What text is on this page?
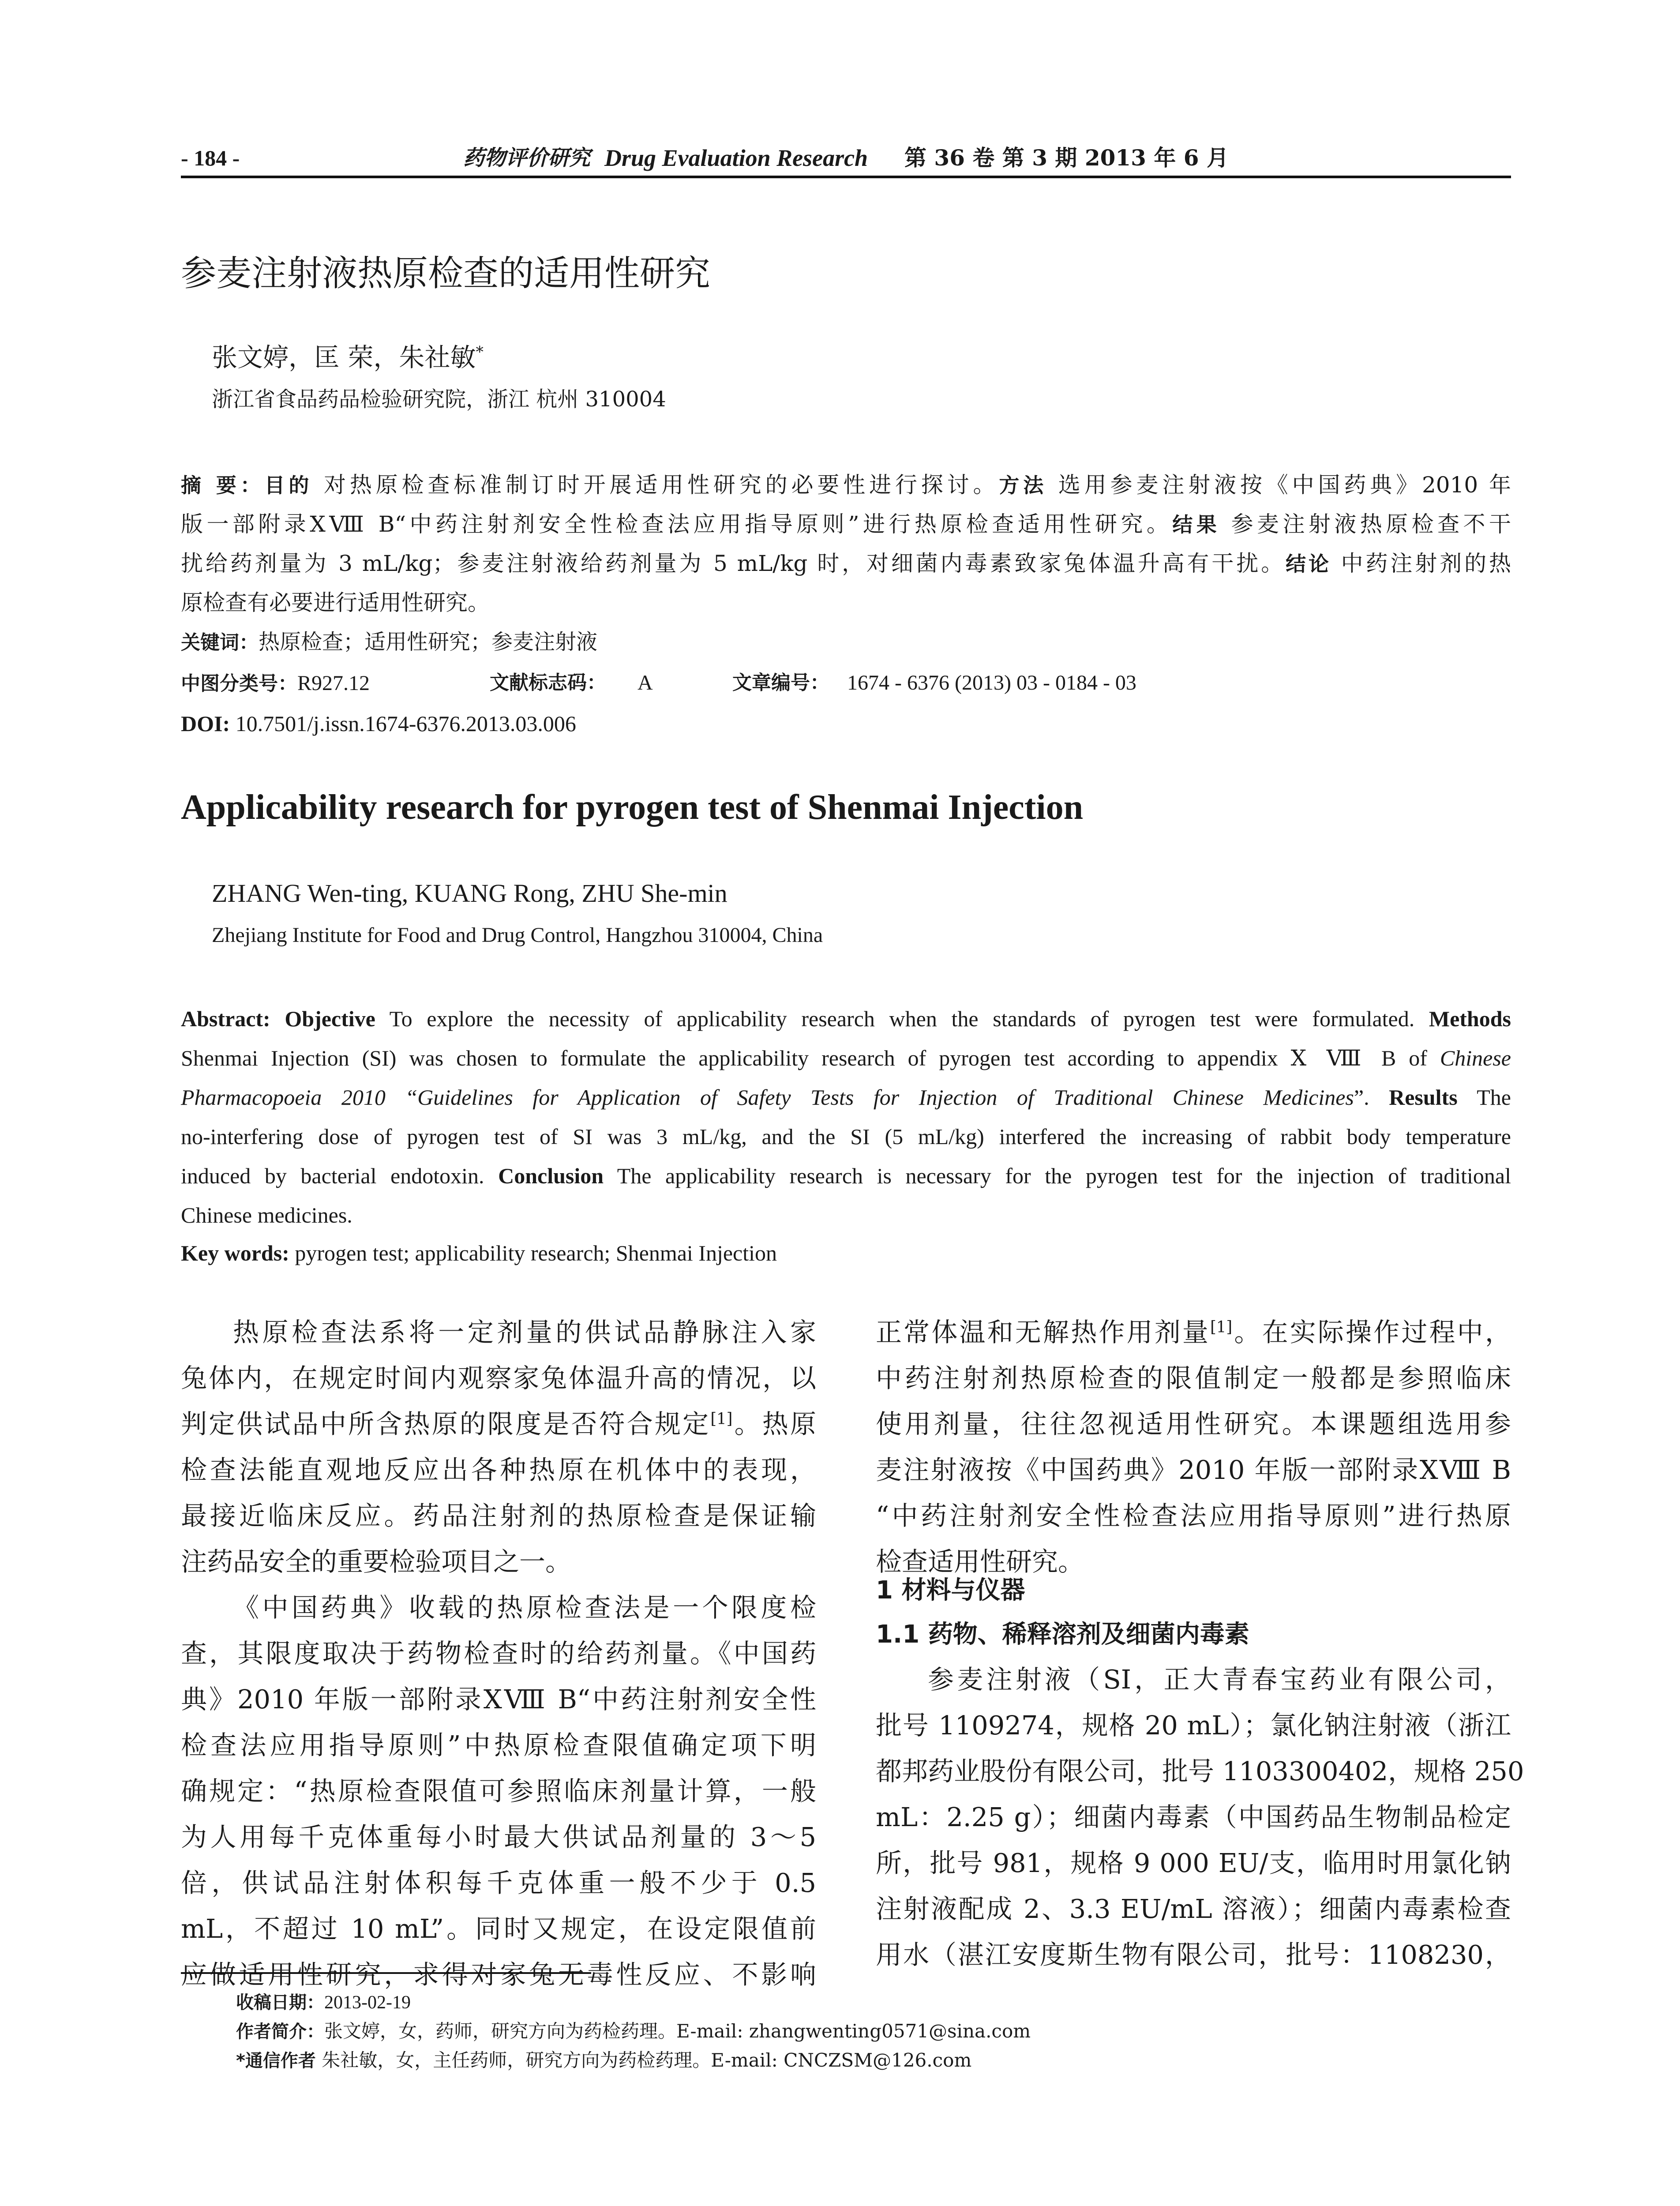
- 184 -	药物评价研究 Drug Evaluation Research 第 36 卷 第 3 期 2013 年 6 月
参麦注射液热原检查的适用性研究
张文婷，匡 荣，朱社敏*
浙江省食品药品检验研究院，浙江 杭州 310004
摘 要：目的 对热原检查标准制订时开展适用性研究的必要性进行探讨。方法 选用参麦注射液按《中国药典》2010 年
版一部附录ⅩⅧ B“中药注射剂安全性检查法应用指导原则”进行热原检查适用性研究。结果 参麦注射液热原检查不干
扰给药剂量为 3 mL/kg；参麦注射液给药剂量为 5 mL/kg 时，对细菌内毒素致家兔体温升高有干扰。结论 中药注射剂的热
原检查有必要进行适用性研究。
关键词：热原检查；适用性研究；参麦注射液
中图分类号：R927.12	文献标志码： A	文章编号： 1674 - 6376 (2013) 03 - 0184 - 03
DOI: 10.7501/j.issn.1674-6376.2013.03.006
Applicability research for pyrogen test of Shenmai Injection
ZHANG Wen-ting, KUANG Rong, ZHU She-min
Zhejiang Institute for Food and Drug Control, Hangzhou 310004, China
Abstract: Objective To explore the necessity of applicability research when the standards of pyrogen test were formulated. Methods
Shenmai Injection (SI) was chosen to formulate the applicability research of pyrogen test according to appendix Ⅹ Ⅷ B of Chinese
Pharmacopoeia 2010 “Guidelines for Application of Safety Tests for Injection of Traditional Chinese Medicines”. Results The
no-interfering dose of pyrogen test of SI was 3 mL/kg, and the SI (5 mL/kg) interfered the increasing of rabbit body temperature
induced by bacterial endotoxin. Conclusion The applicability research is necessary for the pyrogen test for the injection of traditional
Chinese medicines.
Key words: pyrogen test; applicability research; Shenmai Injection
热原检查法系将一定剂量的供试品静脉注入家
兔体内，在规定时间内观察家兔体温升高的情况，以
判定供试品中所含热原的限度是否符合规定[1]。热原
检查法能直观地反应出各种热原在机体中的表现，
最接近临床反应。药品注射剂的热原检查是保证输
注药品安全的重要检验项目之一。
《中国药典》收载的热原检查法是一个限度检
查，其限度取决于药物检查时的给药剂量。《中国药
典》2010 年版一部附录ⅩⅧ B“中药注射剂安全性
检查法应用指导原则”中热原检查限值确定项下明
确规定：“热原检查限值可参照临床剂量计算，一般
为人用每千克体重每小时最大供试品剂量的 3～5
倍，供试品注射体积每千克体重一般不少于 0.5
mL，不超过 10 mL”。同时又规定，在设定限值前
应做适用性研究，求得对家兔无毒性反应、不影响
正常体温和无解热作用剂量[1]。在实际操作过程中，
中药注射剂热原检查的限值制定一般都是参照临床
使用剂量，往往忽视适用性研究。本课题组选用参
麦注射液按《中国药典》2010 年版一部附录ⅩⅧ B
“中药注射剂安全性检查法应用指导原则”进行热原
检查适用性研究。
1 材料与仪器
1.1 药物、稀释溶剂及细菌内毒素
参麦注射液（SI，正大青春宝药业有限公司，
批号 1109274，规格 20 mL）；氯化钠注射液（浙江
都邦药业股份有限公司，批号 1103300402，规格 250
mL：2.25 g）；细菌内毒素（中国药品生物制品检定
所，批号 981，规格 9 000 EU/支，临用时用氯化钠
注射液配成 2、3.3 EU/mL 溶液）；细菌内毒素检查
用水（湛江安度斯生物有限公司，批号：1108230，
收稿日期：2013-02-19
作者简介：张文婷，女，药师，研究方向为药检药理。E-mail: zhangwenting0571@sina.com
*通信作者 朱社敏，女，主任药师，研究方向为药检药理。E-mail: CNCZSM@126.com
